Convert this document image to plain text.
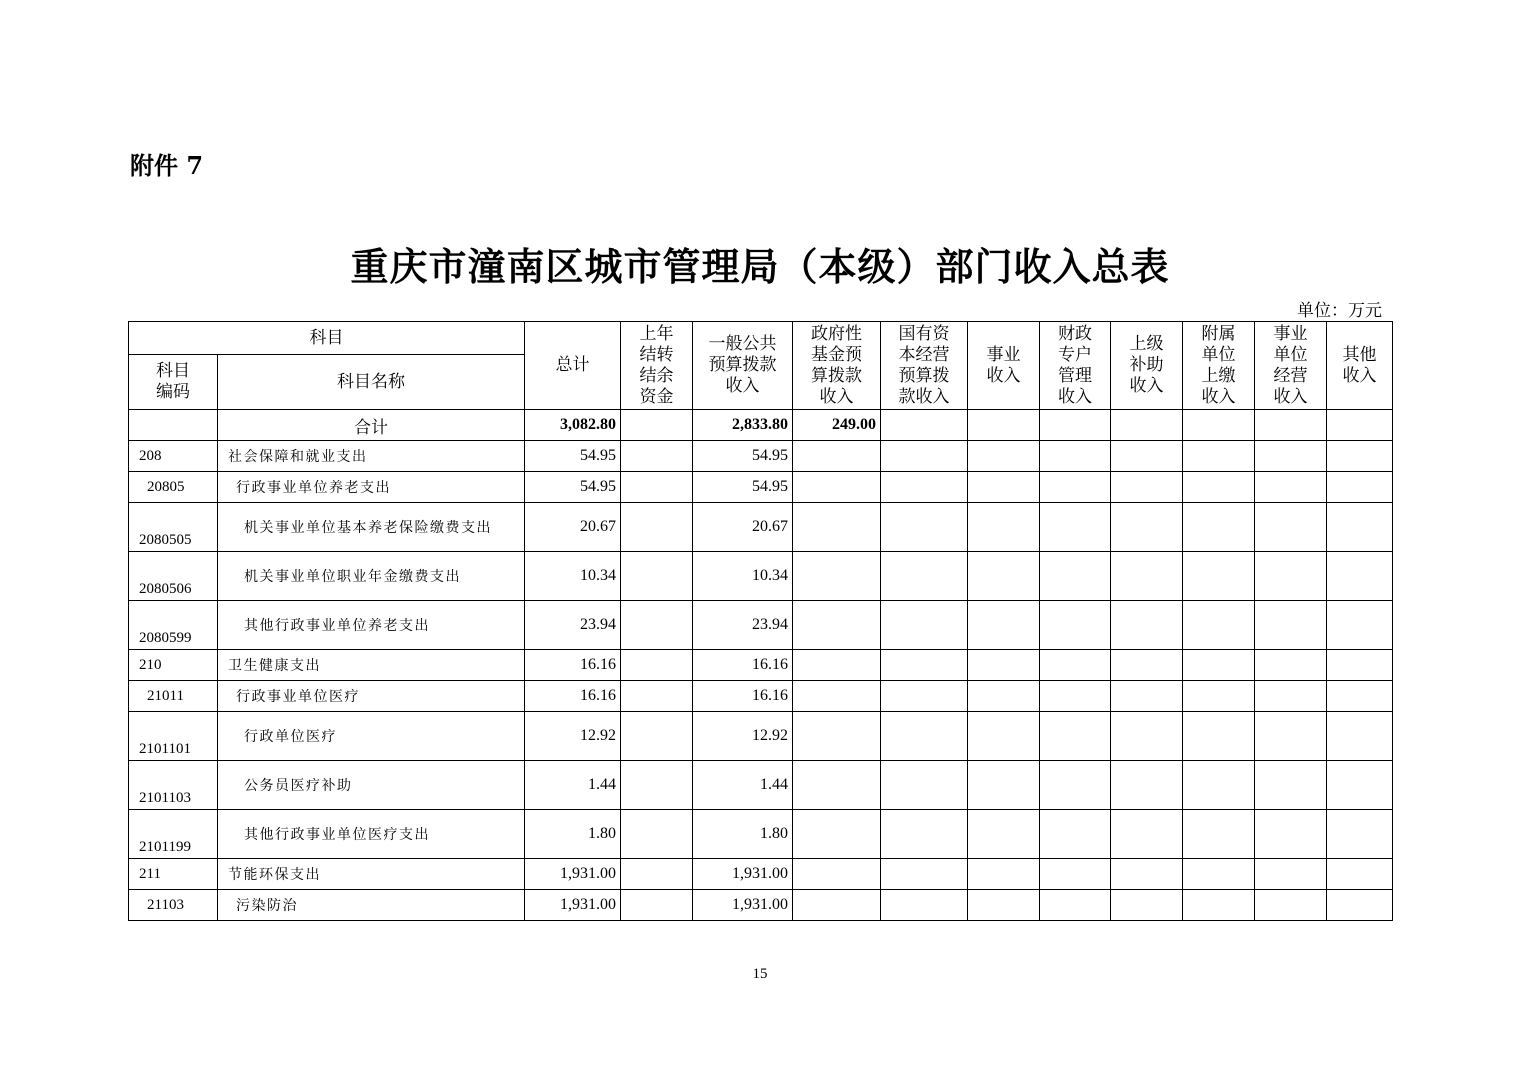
附件 7
重庆市潼南区城市管理局（本级）部门收入总表
单位：万元
科目		总计	上年结转结余资金	一般公共预算拨款收入	政府性基金预算拨款收入	国有资本经营预算拨款收入	事业收入	财政专户管理收入	上级补助收入	附属单位上缴收入	事业单位经营收入	其他收入
科目编码	科目名称											
	合计	3,082.80		2,833.80	249.00							
208	社会保障和就业支出	54.95		54.95								
20805	行政事业单位养老支出	54.95		54.95								
2080505	机关事业单位基本养老保险缴费支出	20.67		20.67								
2080506	机关事业单位职业年金缴费支出	10.34		10.34								
2080599	其他行政事业单位养老支出	23.94		23.94								
210	卫生健康支出	16.16		16.16								
21011	行政事业单位医疗	16.16		16.16								
2101101	行政单位医疗	12.92		12.92								
2101103	公务员医疗补助	1.44		1.44								
2101199	其他行政事业单位医疗支出	1.80		1.80								
211	节能环保支出	1,931.00		1,931.00								
21103	污染防治	1,931.00		1,931.00								
15
